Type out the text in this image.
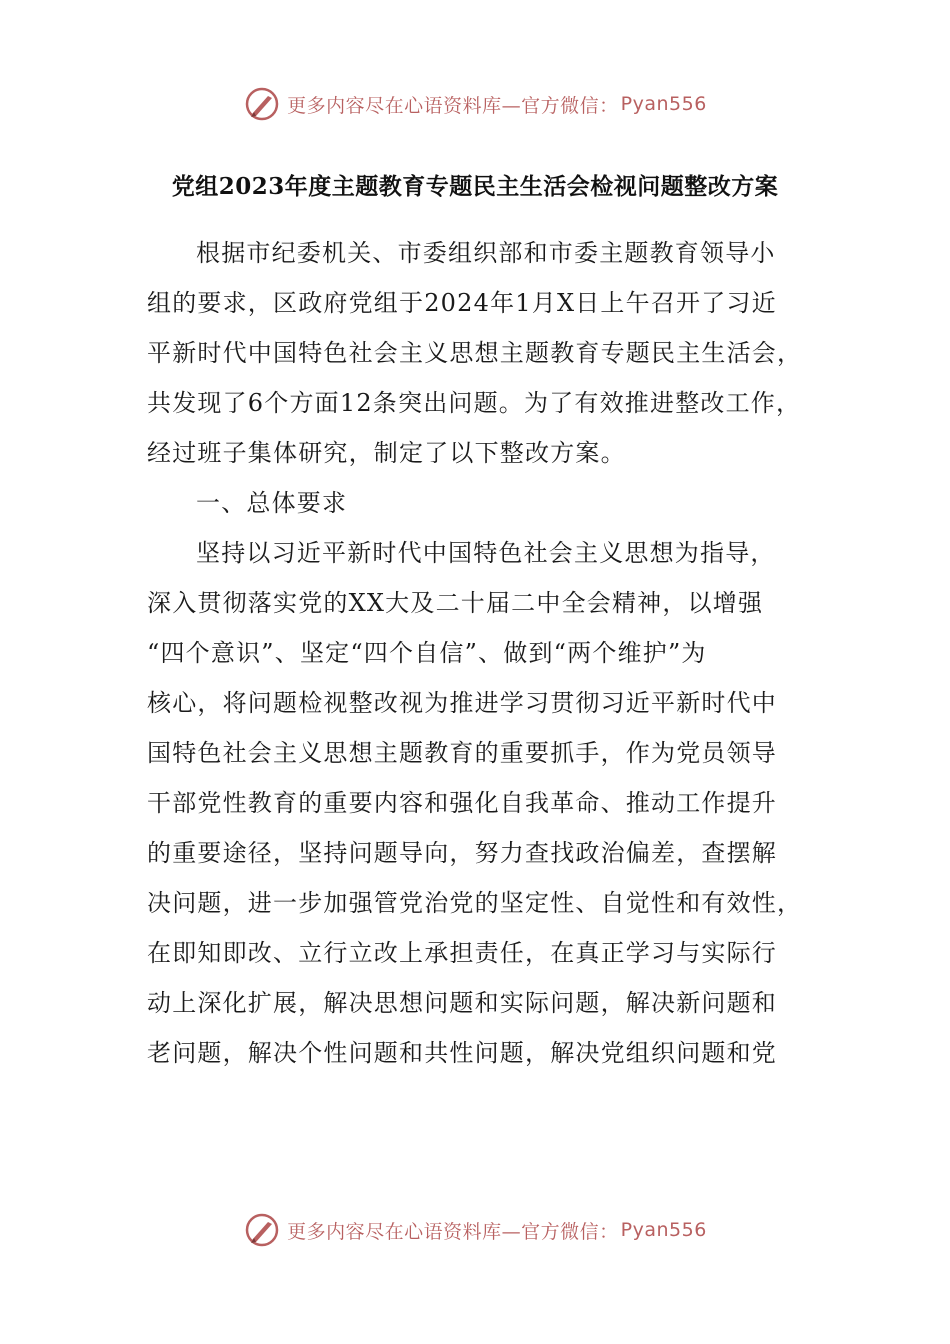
更多内容尽在心语资料库—官方微信： Pyan556
党组2023年度主题教育专题民主生活会检视问题整改方案
根据市纪委机关、市委组织部和市委主题教育领导小
组的要求，区政府党组于2024年1月X日上午召开了习近
平新时代中国特色社会主义思想主题教育专题民主生活会，
共发现了6个方面12条突出问题。为了有效推进整改工作，
经过班子集体研究，制定了以下整改方案。
一、总体要求
坚持以习近平新时代中国特色社会主义思想为指导，
深入贯彻落实党的XX大及二十届二中全会精神，以增强
“四个意识”、坚定“四个自信”、做到“两个维护”为
核心，将问题检视整改视为推进学习贯彻习近平新时代中
国特色社会主义思想主题教育的重要抓手，作为党员领导
干部党性教育的重要内容和强化自我革命、推动工作提升
的重要途径，坚持问题导向，努力查找政治偏差，查摆解
决问题，进一步加强管党治党的坚定性、自觉性和有效性，
在即知即改、立行立改上承担责任，在真正学习与实际行
动上深化扩展，解决思想问题和实际问题，解决新问题和
老问题，解决个性问题和共性问题，解决党组织问题和党
更多内容尽在心语资料库—官方微信： Pyan556
